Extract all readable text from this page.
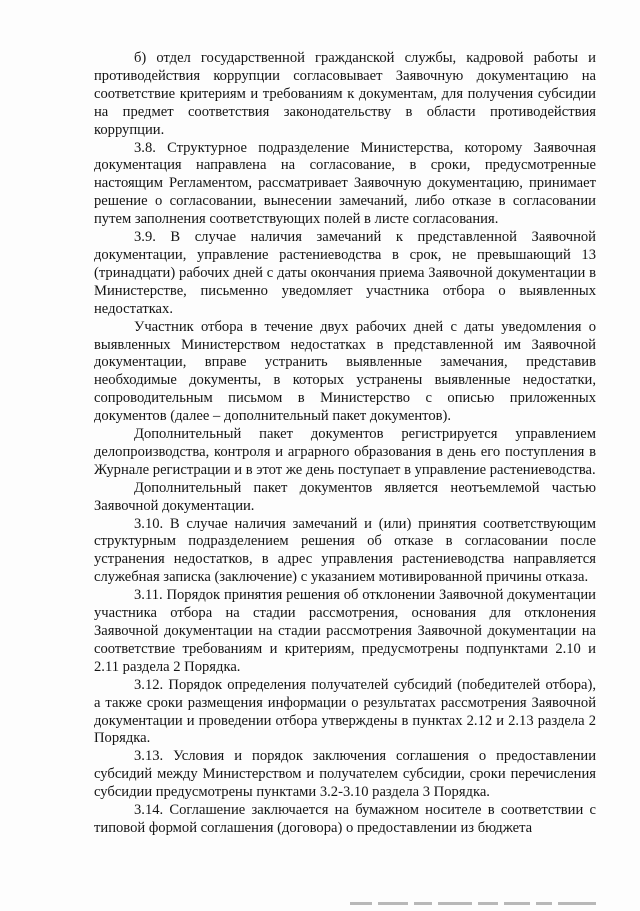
б) отдел государственной гражданской службы, кадровой работы и противодействия коррупции согласовывает Заявочную документацию на соответствие критериям и требованиям к документам, для получения субсидии на предмет соответствия законодательству в области противодействия коррупции.

3.8. Структурное подразделение Министерства, которому Заявочная документация направлена на согласование, в сроки, предусмотренные настоящим Регламентом, рассматривает Заявочную документацию, принимает решение о согласовании, вынесении замечаний, либо отказе в согласовании путем заполнения соответствующих полей в листе согласования.

3.9. В случае наличия замечаний к представленной Заявочной документации, управление растениеводства в срок, не превышающий 13 (тринадцати) рабочих дней с даты окончания приема Заявочной документации в Министерстве, письменно уведомляет участника отбора о выявленных недостатках.

Участник отбора в течение двух рабочих дней с даты уведомления о выявленных Министерством недостатках в представленной им Заявочной документации, вправе устранить выявленные замечания, представив необходимые документы, в которых устранены выявленные недостатки, сопроводительным письмом в Министерство с описью приложенных документов (далее – дополнительный пакет документов).

Дополнительный пакет документов регистрируется управлением делопроизводства, контроля и аграрного образования в день его поступления в Журнале регистрации и в этот же день поступает в управление растениеводства.

Дополнительный пакет документов является неотъемлемой частью Заявочной документации.

3.10. В случае наличия замечаний и (или) принятия соответствующим структурным подразделением решения об отказе в согласовании после устранения недостатков, в адрес управления растениеводства направляется служебная записка (заключение) с указанием мотивированной причины отказа.

3.11. Порядок принятия решения об отклонении Заявочной документации участника отбора на стадии рассмотрения, основания для отклонения Заявочной документации на стадии рассмотрения Заявочной документации на соответствие требованиям и критериям, предусмотрены подпунктами 2.10 и 2.11 раздела 2 Порядка.

3.12. Порядок определения получателей субсидий (победителей отбора), а также сроки размещения информации о результатах рассмотрения Заявочной документации и проведении отбора утверждены в пунктах 2.12 и 2.13 раздела 2 Порядка.

3.13. Условия и порядок заключения соглашения о предоставлении субсидий между Министерством и получателем субсидии, сроки перечисления субсидии предусмотрены пунктами 3.2-3.10 раздела 3 Порядка.

3.14. Соглашение заключается на бумажном носителе в соответствии с типовой формой соглашения (договора) о предоставлении из бюджета
